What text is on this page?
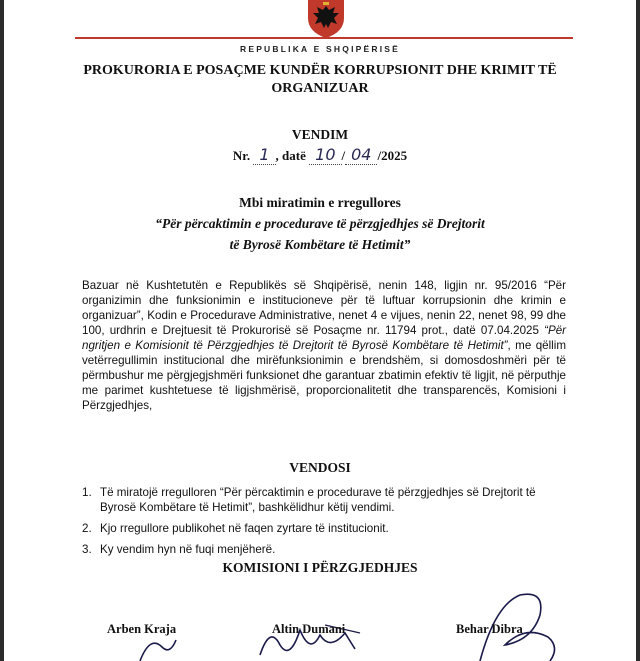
REPUBLIKA E SHQIPËRISË
PROKURORIA E POSAÇME KUNDËR KORRUPSIONIT DHE KRIMIT TË ORGANIZUAR
VENDIM
Nr. 1 , datë 10 / 04 /2025
Mbi miratimin e rregullores
“Për përcaktimin e procedurave të përzgjedhjes së Drejtorit
të Byrosë Kombëtare të Hetimit”
Bazuar në Kushtetutën e Republikës së Shqipërisë, nenin 148, ligjin nr. 95/2016 “Për organizimin dhe funksionimin e institucioneve për të luftuar korrupsionin dhe krimin e organizuar”, Kodin e Procedurave Administrative, nenet 4 e vijues, nenin 22, nenet 98, 99 dhe 100, urdhrin e Drejtuesit të Prokurorisë së Posaçme nr. 11794 prot., datë 07.04.2025 “Për ngritjen e Komisionit të Përzgjedhjes të Drejtorit të Byrosë Kombëtare të Hetimit”, me qëllim vetërregullimin institucional dhe mirëfunksionimin e brendshëm, si domosdoshmëri për të përmbushur me përgjegjshmëri funksionet dhe garantuar zbatimin efektiv të ligjit, në përputhje me parimet kushtetuese të ligjshmërisë, proporcionalitetit dhe transparencës, Komisioni i Përzgjedhjes,
VENDOSI
1. Të miratojë rregulloren “Për përcaktimin e procedurave të përzgjedhjes së Drejtorit të Byrosë Kombëtare të Hetimit”, bashkëlidhur këtij vendimi.
2. Kjo rregullore publikohet në faqen zyrtare të institucionit.
3. Ky vendim hyn në fuqi menjëherë.
KOMISIONI I PËRZGJEDHJES
Arben Kraja	Altin Dumani	Behar Dibra
